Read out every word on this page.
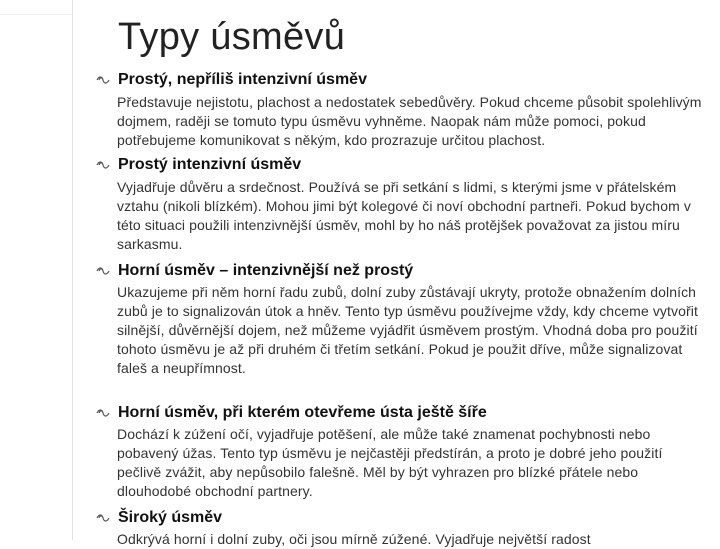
Typy úsměvů
Prostý, nepříliš intenzivní úsměv
Představuje nejistotu, plachost a nedostatek sebedůvěry. Pokud chceme působit spolehlivým dojmem, raději se tomuto typu úsměvu vyhněme. Naopak nám může pomoci, pokud potřebujeme komunikovat s někým, kdo prozrazuje určitou plachost.
Prostý intenzivní úsměv
Vyjadřuje důvěru a srdečnost. Používá se při setkání s lidmi, s kterými jsme v přátelském vztahu (nikoli blízkém). Mohou jimi být kolegové či noví obchodní partneři. Pokud bychom v této situaci použili intenzivnější úsměv, mohl by ho náš protějšek považovat za jistou míru sarkasmu.
Horní úsměv – intenzivnější než prostý
Ukazujeme při něm horní řadu zubů, dolní zuby zůstávají ukryty, protože obnažením dolních zubů je to signalizován útok a hněv. Tento typ úsměvu používejme vždy, kdy chceme vytvořit silnější, důvěrnější dojem, než můžeme vyjádřit úsměvem prostým. Vhodná doba pro použití tohoto úsměvu je až při druhém či třetím setkání. Pokud je použit dříve, může signalizovat faleš a neupřímnost.
Horní úsměv, při kterém otevřeme ústa ještě šíře
Dochází k zúžení očí, vyjadřuje potěšení, ale může také znamenat pochybnosti nebo pobavený úžas. Tento typ úsměvu je nejčastěji předstírán, a proto je dobré jeho použití pečlivě zvážit, aby nepůsobilo falešně. Měl by být vyhrazen pro blízké přátele nebo dlouhodobé obchodní partnery.
Široký úsměv
Odkrývá horní i dolní zuby, oči jsou mírně zúžené. Vyjadřuje největší radost
